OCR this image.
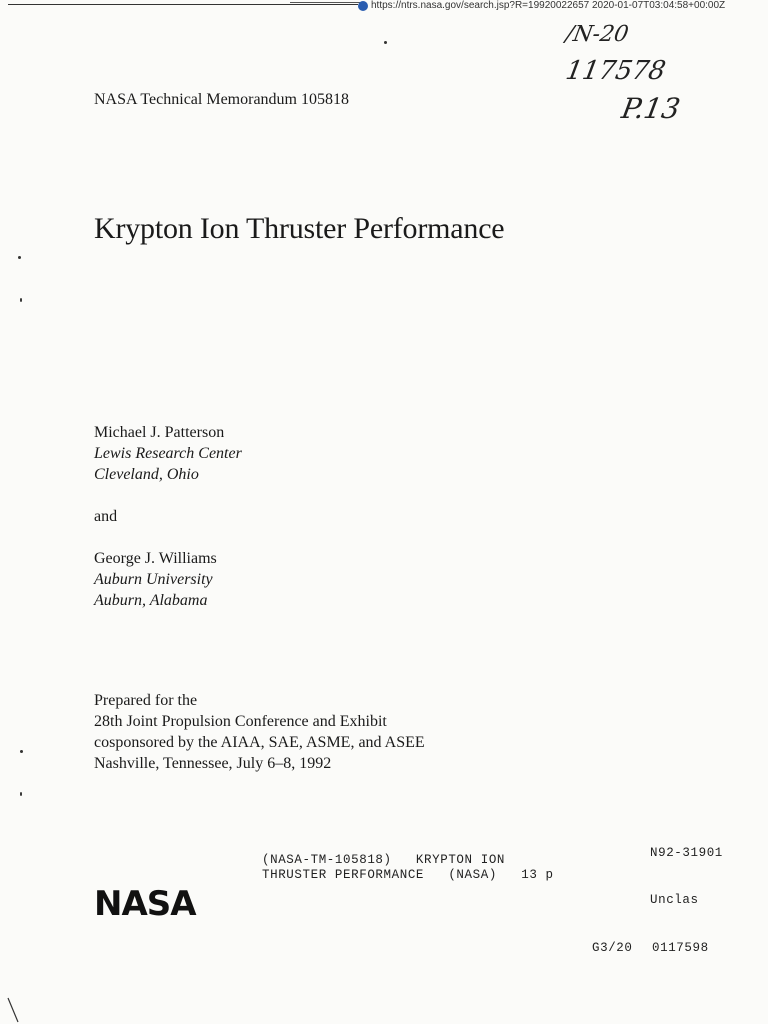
https://ntrs.nasa.gov/search.jsp?R=19920022657 2020-01-07T03:04:58+00:00Z
/N-20
117578
P.13
NASA Technical Memorandum 105818
Krypton Ion Thruster Performance
Michael J. Patterson
Lewis Research Center
Cleveland, Ohio
and
George J. Williams
Auburn University
Auburn, Alabama
Prepared for the
28th Joint Propulsion Conference and Exhibit
cosponsored by the AIAA, SAE, ASME, and ASEE
Nashville, Tennessee, July 6–8, 1992
(NASA-TM-105818)   KRYPTON ION
THRUSTER PERFORMANCE   (NASA)   13 p
N92-31901
Unclas
G3/20 0117598
NASA
